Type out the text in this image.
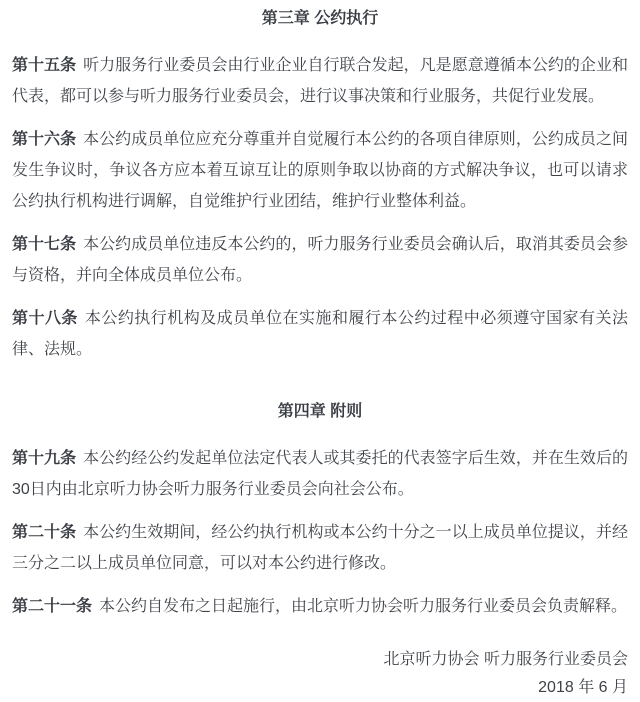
第三章 公约执行

第十五条 听力服务行业委员会由行业企业自行联合发起，凡是愿意遵循本公约的企业和代表，都可以参与听力服务行业委员会，进行议事决策和行业服务，共促行业发展。

第十六条 本公约成员单位应充分尊重并自觉履行本公约的各项自律原则，公约成员之间发生争议时，争议各方应本着互谅互让的原则争取以协商的方式解决争议，也可以请求公约执行机构进行调解，自觉维护行业团结，维护行业整体利益。

第十七条 本公约成员单位违反本公约的，听力服务行业委员会确认后，取消其委员会参与资格，并向全体成员单位公布。

第十八条 本公约执行机构及成员单位在实施和履行本公约过程中必须遵守国家有关法律、法规。

第四章 附则

第十九条 本公约经公约发起单位法定代表人或其委托的代表签字后生效，并在生效后的30日内由北京听力协会听力服务行业委员会向社会公布。

第二十条 本公约生效期间，经公约执行机构或本公约十分之一以上成员单位提议，并经三分之二以上成员单位同意，可以对本公约进行修改。

第二十一条 本公约自发布之日起施行，由北京听力协会听力服务行业委员会负责解释。

北京听力协会 听力服务行业委员会
2018 年 6 月
